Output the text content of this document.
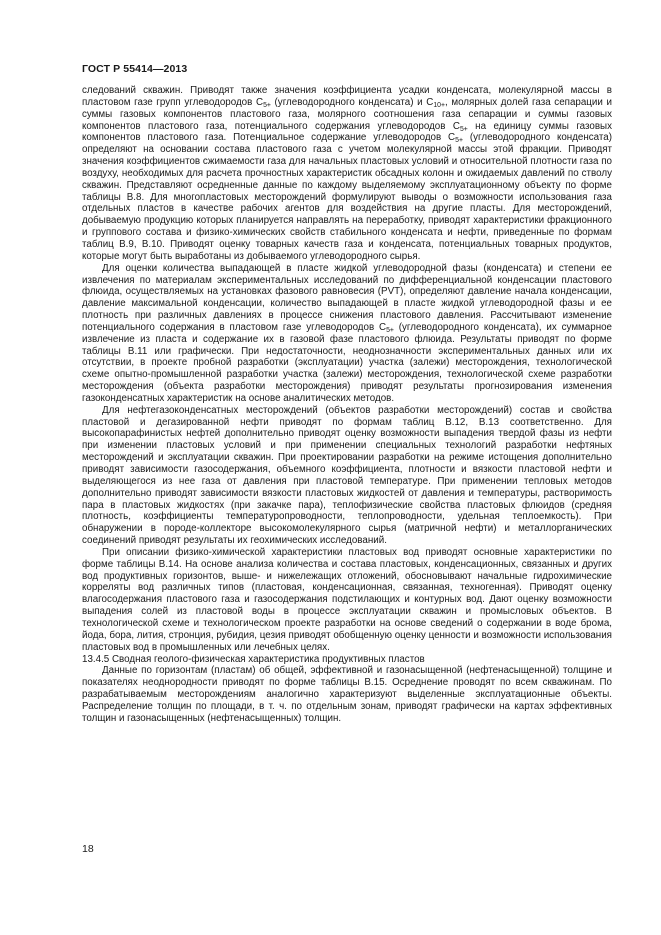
ГОСТ Р 55414—2013

следований скважин. Приводят также значения коэффициента усадки конденсата, молекулярной массы в пластовом газе групп углеводородов $С_{5+}$ (углеводородного конденсата) и $С_{10+}$, молярных долей газа сепарации и суммы газовых компонентов пластового газа, молярного соотношения газа сепарации и суммы газовых компонентов пластового газа, потенциального содержания углеводородов $С_{5+}$ на единицу суммы газовых компонентов пластового газа. Потенциальное содержание углеводородов $С_{5+}$ (углеводородного конденсата) определяют на основании состава пластового газа с учетом молекулярной массы этой фракции. Приводят значения коэффициентов сжимаемости газа для начальных пластовых условий и относительной плотности газа по воздуху, необходимых для расчета прочностных характеристик обсадных колонн и ожидаемых давлений по стволу скважин. Представляют осредненные данные по каждому выделяемому эксплуатационному объекту по форме таблицы В.8. Для многопластовых месторождений формулируют выводы о возможности использования газа отдельных пластов в качестве рабочих агентов для воздействия на другие пласты. Для месторождений, добываемую продукцию которых планируется направлять на переработку, приводят характеристики фракционного и группового состава и физико-химических свойств стабильного конденсата и нефти, приведенные по формам таблиц В.9, В.10. Приводят оценку товарных качеств газа и конденсата, потенциальных товарных продуктов, которые могут быть выработаны из добываемого углеводородного сырья.

Для оценки количества выпадающей в пласте жидкой углеводородной фазы (конденсата) и степени ее извлечения по материалам экспериментальных исследований по дифференциальной конденсации пластового флюида, осуществляемых на установках фазового равновесия (PVT), определяют давление начала конденсации, давление максимальной конденсации, количество выпадающей в пласте жидкой углеводородной фазы и ее плотность при различных давлениях в процессе снижения пластового давления. Рассчитывают изменение потенциального содержания в пластовом газе углеводородов $С_{5+}$ (углеводородного конденсата), их суммарное извлечение из пласта и содержание их в газовой фазе пластового флюида. Результаты приводят по форме таблицы В.11 или графически. При недостаточности, неоднозначности экспериментальных данных или их отсутствии, в проекте пробной разработки (эксплуатации) участка (залежи) месторождения, технологической схеме опытно-промышленной разработки участка (залежи) месторождения, технологической схеме разработки месторождения (объекта разработки месторождения) приводят результаты прогнозирования изменения газоконденсатных характеристик на основе аналитических методов.

Для нефтегазоконденсатных месторождений (объектов разработки месторождений) состав и свойства пластовой и дегазированной нефти приводят по формам таблиц В.12, В.13 соответственно. Для высокопарафинистых нефтей дополнительно приводят оценку возможности выпадения твердой фазы из нефти при изменении пластовых условий и при применении специальных технологий разработки нефтяных месторождений и эксплуатации скважин. При проектировании разработки на режиме истощения дополнительно приводят зависимости газосодержания, объемного коэффициента, плотности и вязкости пластовой нефти и выделяющегося из нее газа от давления при пластовой температуре. При применении тепловых методов дополнительно приводят зависимости вязкости пластовых жидкостей от давления и температуры, растворимость пара в пластовых жидкостях (при закачке пара), теплофизические свойства пластовых флюидов (средняя плотность, коэффициенты температуропроводности, теплопроводности, удельная теплоемкость). При обнаружении в породе-коллекторе высокомолекулярного сырья (матричной нефти) и металлорганических соединений приводят результаты их геохимических исследований.

При описании физико-химической характеристики пластовых вод приводят основные характеристики по форме таблицы В.14. На основе анализа количества и состава пластовых, конденсационных, связанных и других вод продуктивных горизонтов, выше- и нижележащих отложений, обосновывают начальные гидрохимические корреляты вод различных типов (пластовая, конденсационная, связанная, техногенная). Приводят оценку влагосодержания пластового газа и газосодержания подстилающих и контурных вод. Дают оценку возможности выпадения солей из пластовой воды в процессе эксплуатации скважин и промысловых объектов. В технологической схеме и технологическом проекте разработки на основе сведений о содержании в воде брома, йода, бора, лития, стронция, рубидия, цезия приводят обобщенную оценку ценности и возможности использования пластовых вод в промышленных или лечебных целях.

13.4.5 Сводная геолого-физическая характеристика продуктивных пластов

Данные по горизонтам (пластам) об общей, эффективной и газонасыщенной (нефтенасыщенной) толщине и показателях неоднородности приводят по форме таблицы В.15. Осреднение проводят по всем скважинам. По разрабатываемым месторождениям аналогично характеризуют выделенные эксплуатационные объекты. Распределение толщин по площади, в т. ч. по отдельным зонам, приводят графически на картах эффективных толщин и газонасыщенных (нефтенасыщенных) толщин.

18
